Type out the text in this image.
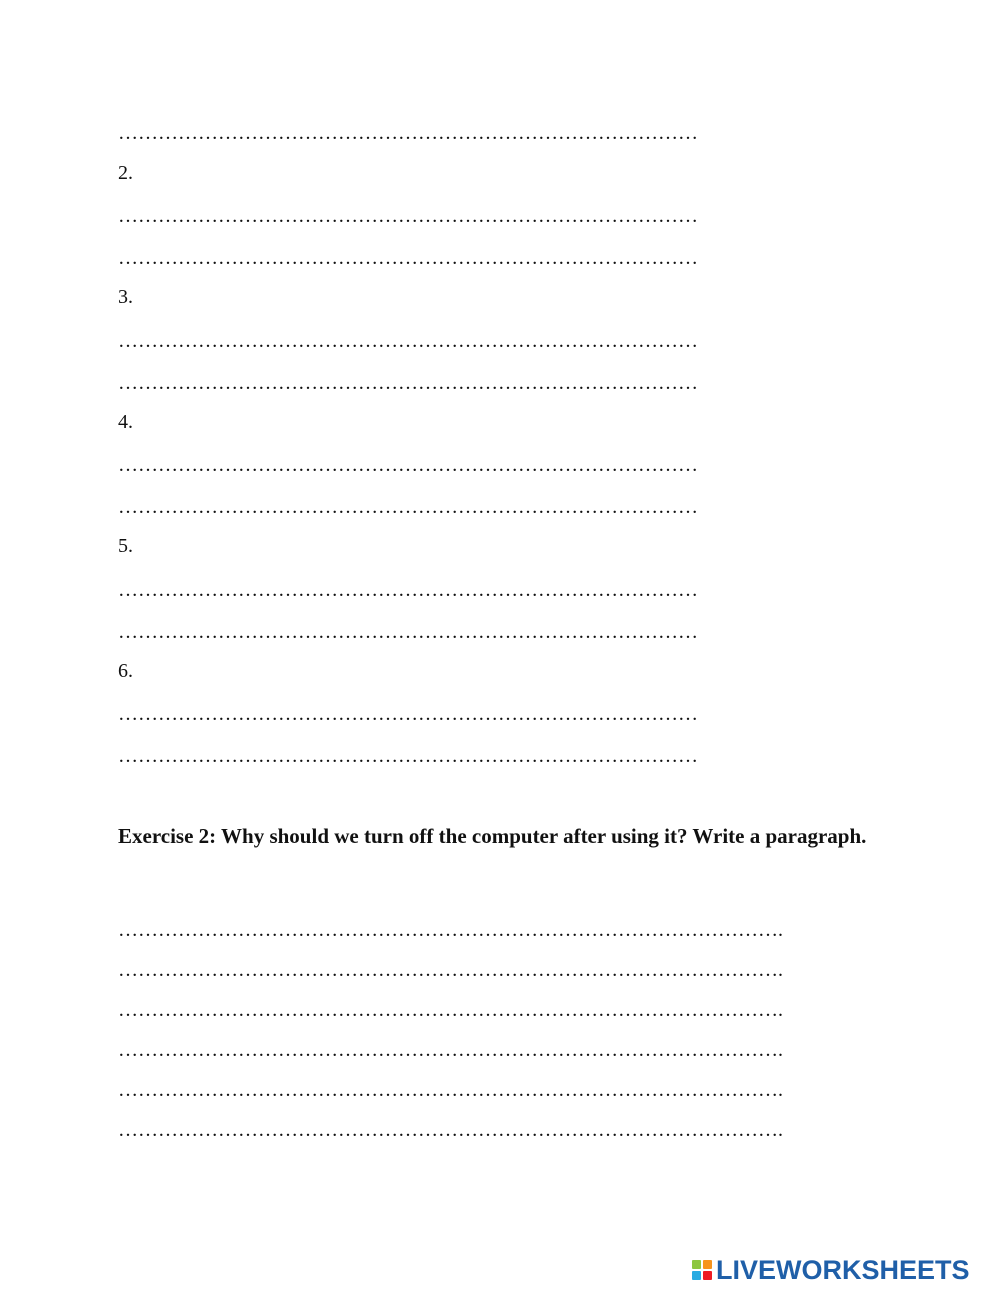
……………………………………………………………………………
2.
……………………………………………………………………………
……………………………………………………………………………
3.
……………………………………………………………………………
……………………………………………………………………………
4.
……………………………………………………………………………
……………………………………………………………………………
5.
……………………………………………………………………………
……………………………………………………………………………
6.
……………………………………………………………………………
……………………………………………………………………………
Exercise 2: Why should we turn off the computer after using it? Write a paragraph.
……………………………………………………………………………………….
……………………………………………………………………………………….
……………………………………………………………………………………….
……………………………………………………………………………………….
……………………………………………………………………………………….
……………………………………………………………………………………….
LIVEWORKSHEETS
